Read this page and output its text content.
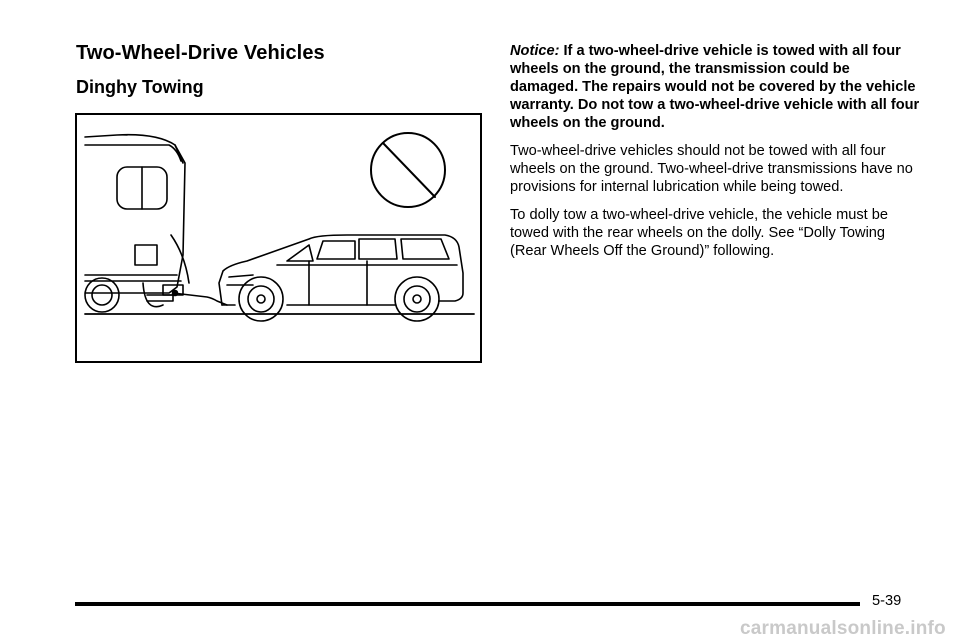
Two-Wheel-Drive Vehicles
Dinghy Towing

Notice: If a two-wheel-drive vehicle is towed with all four wheels on the ground, the transmission could be damaged. The repairs would not be covered by the vehicle warranty. Do not tow a two-wheel-drive vehicle with all four wheels on the ground.

Two-wheel-drive vehicles should not be towed with all four wheels on the ground. Two-wheel-drive transmissions have no provisions for internal lubrication while being towed.

To dolly tow a two-wheel-drive vehicle, the vehicle must be towed with the rear wheels on the dolly. See “Dolly Towing (Rear Wheels Off the Ground)” following.

5-39
carmanualsonline.info
